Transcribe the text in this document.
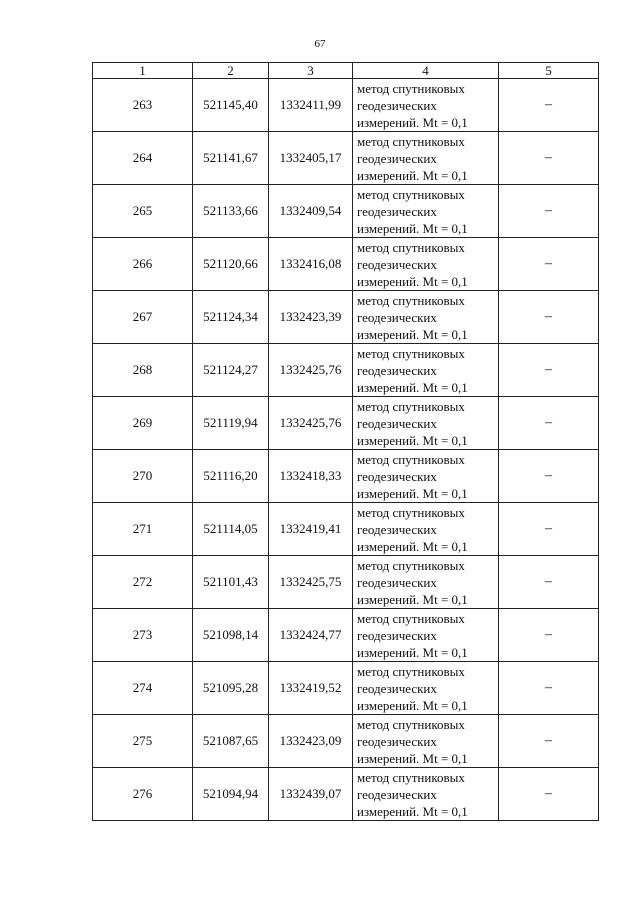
67
1	2	3	4	5
263	521145,40	1332411,99	метод спутниковых
геодезических
измерений. Mt = 0,1	–
264	521141,67	1332405,17	метод спутниковых
геодезических
измерений. Mt = 0,1	–
265	521133,66	1332409,54	метод спутниковых
геодезических
измерений. Mt = 0,1	–
266	521120,66	1332416,08	метод спутниковых
геодезических
измерений. Mt = 0,1	–
267	521124,34	1332423,39	метод спутниковых
геодезических
измерений. Mt = 0,1	–
268	521124,27	1332425,76	метод спутниковых
геодезических
измерений. Mt = 0,1	–
269	521119,94	1332425,76	метод спутниковых
геодезических
измерений. Mt = 0,1	–
270	521116,20	1332418,33	метод спутниковых
геодезических
измерений. Mt = 0,1	–
271	521114,05	1332419,41	метод спутниковых
геодезических
измерений. Mt = 0,1	–
272	521101,43	1332425,75	метод спутниковых
геодезических
измерений. Mt = 0,1	–
273	521098,14	1332424,77	метод спутниковых
геодезических
измерений. Mt = 0,1	–
274	521095,28	1332419,52	метод спутниковых
геодезических
измерений. Mt = 0,1	–
275	521087,65	1332423,09	метод спутниковых
геодезических
измерений. Mt = 0,1	–
276	521094,94	1332439,07	метод спутниковых
геодезических
измерений. Mt = 0,1	–
